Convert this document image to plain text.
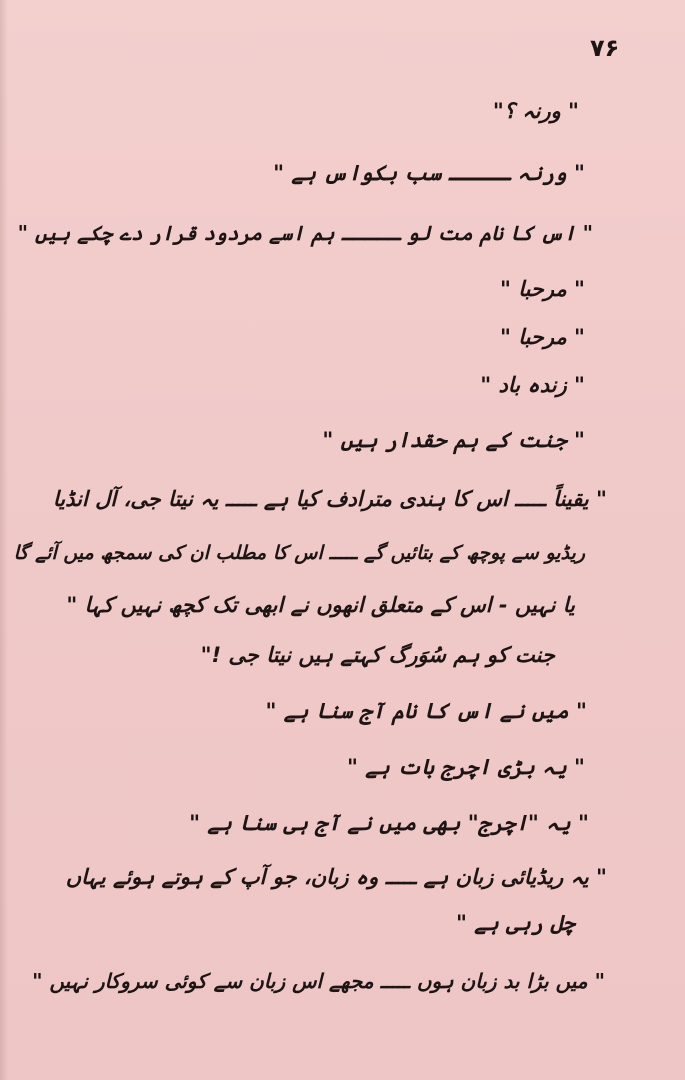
۷۶
" ورنہ ؟"
" ورنہ ـــــ سب بکواس ہے "
" اس کا نام مت لو ـــــ ہم اسے مردود قرار دے چکے ہیں "
" مرحبا "
" مرحبا "
" زندہ باد "
" جنت کے ہم حقدار ہیں "
" یقیناً ـــــ اس کا ہندی مترادف کیا ہے ـــــ یہ نیتا جی، آل انڈیا
ریڈیو سے پوچھ کے بتائیں گے ـــــ اس کا مطلب ان کی سمجھ میں آئے گا
یا نہیں - اس کے متعلق انھوں نے ابھی تک کچھ نہیں کہا "
جنت کو ہم سُوَرگ کہتے ہیں نیتا جی !"
" میں نے اس کا نام آج سنا ہے "
" یہ بڑی اچرج بات ہے "
" یہ "اچرج" بھی میں نے آج ہی سنا ہے "
" یہ ریڈیائی زبان ہے ـــــ وہ زبان، جو آپ کے ہوتے ہوئے یہاں
چل رہی ہے "
" میں بڑا بد زبان ہوں ـــــ مجھے اس زبان سے کوئی سروکار نہیں "
